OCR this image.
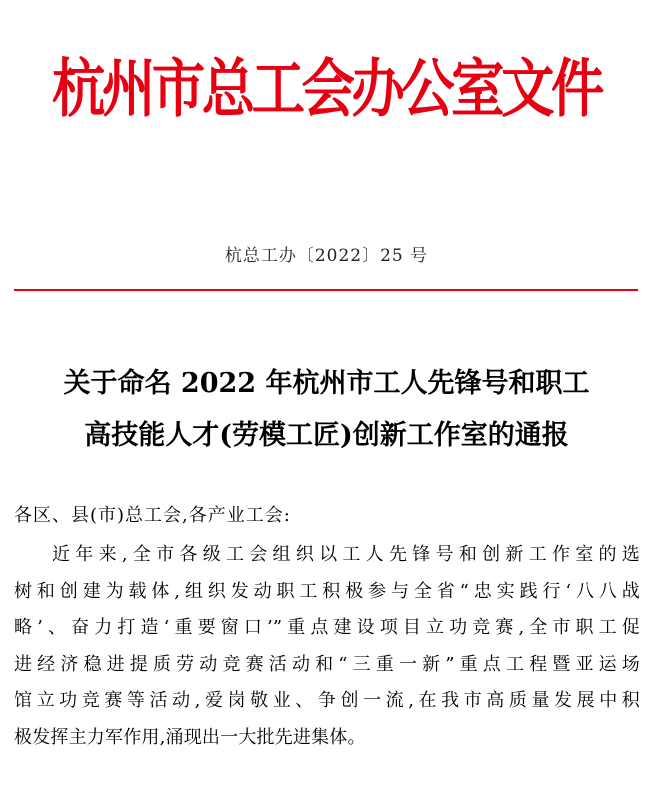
杭州市总工会办公室文件
杭总工办〔2022〕25 号
关于命名 2022 年杭州市工人先锋号和职工
高技能人才(劳模工匠)创新工作室的通报
各区、县(市)总工会,各产业工会:
近年来,全市各级工会组织以工人先锋号和创新工作室的选
树和创建为载体,组织发动职工积极参与全省“忠实践行‘八八战
略’、奋力打造‘重要窗口’”重点建设项目立功竞赛,全市职工促
进经济稳进提质劳动竞赛活动和“三重一新”重点工程暨亚运场
馆立功竞赛等活动,爱岗敬业、争创一流,在我市高质量发展中积
极发挥主力军作用,涌现出一大批先进集体。
